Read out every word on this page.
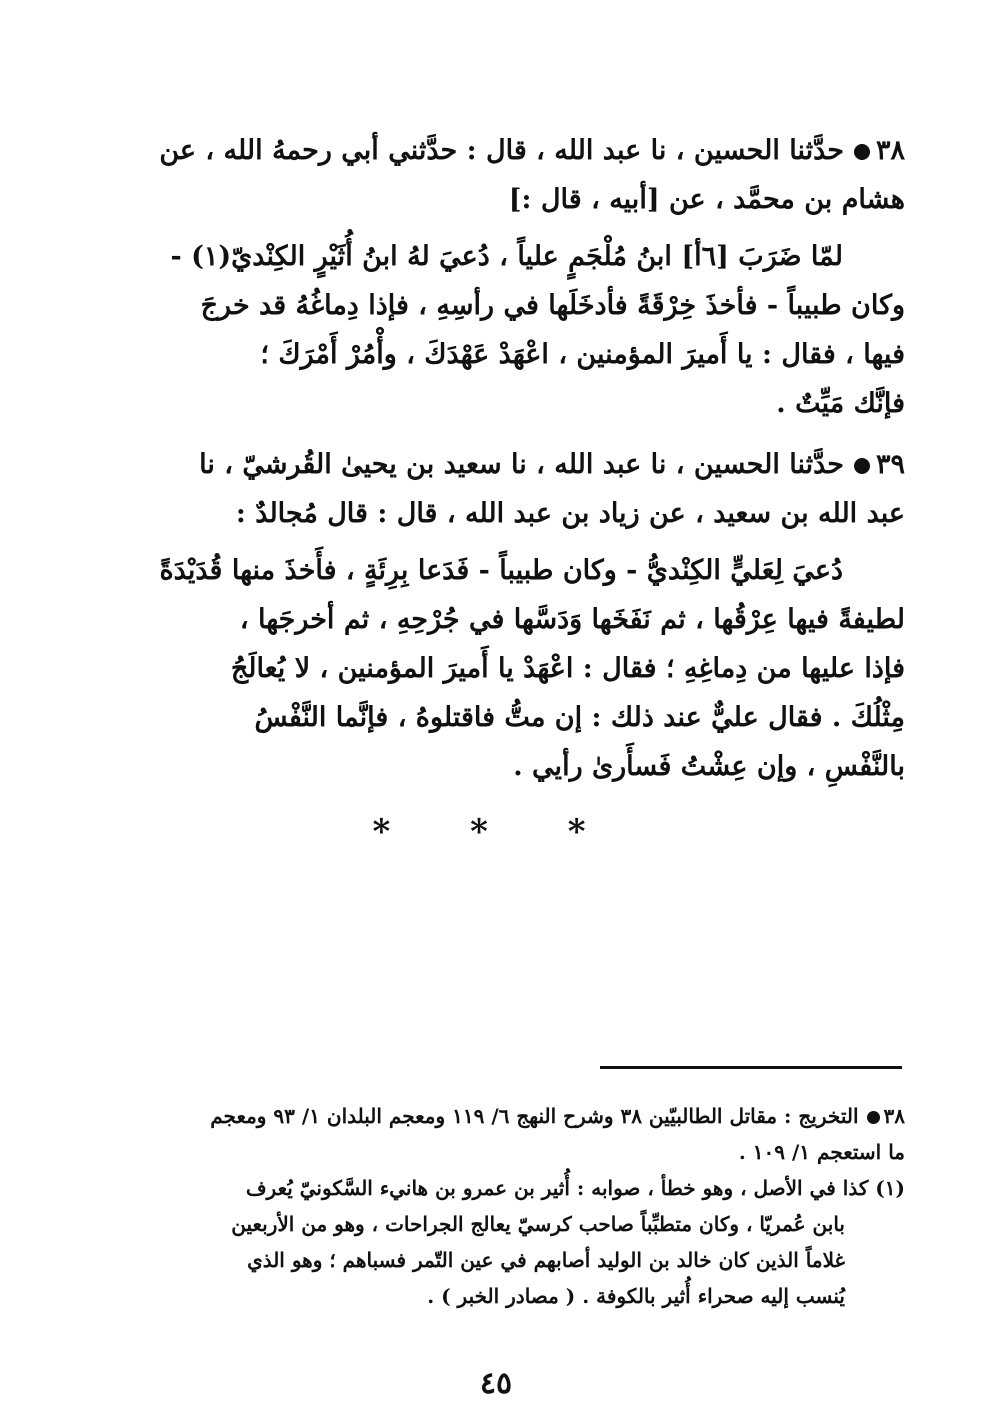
٣٨حدَّثنا الحسين ، نا عبد الله ، قال : حدَّثني أبي رحمهُ الله ، عن
هشام بن محمَّد ، عن [أبيه ، قال :]
لمّا ضَرَبَ [٦أ] ابنُ مُلْجَمٍ علياً ، دُعيَ لهُ ابنُ أُثَيْرٍ الكِنْديّ(١) -
وكان طبيباً - فأخذَ خِرْقَةً فأدخَلَها في رأسِهِ ، فإذا دِماغُهُ قد خرجَ
فيها ، فقال : يا أَميرَ المؤمنين ، اعْهَدْ عَهْدَكَ ، وأْمُرْ أَمْرَكَ ؛
فإنَّك مَيِّتٌ .
٣٩حدَّثنا الحسين ، نا عبد الله ، نا سعيد بن يحيىٰ القُرشيّ ، نا
عبد الله بن سعيد ، عن زياد بن عبد الله ، قال : قال مُجالدٌ :
دُعيَ لِعَليٍّ الكِنْديُّ - وكان طبيباً - فَدَعا بِرِئَةٍ ، فأَخذَ منها قُدَيْدَةً
لطيفةً فيها عِرْقُها ، ثم نَفَخَها وَدَسَّها في جُرْحِهِ ، ثم أخرجَها ،
فإذا عليها من دِماغِهِ ؛ فقال : اعْهَدْ يا أَميرَ المؤمنين ، لا يُعالَجُ
مِثْلُكَ . فقال عليٌّ عند ذلك : إن متُّ فاقتلوهُ ، فإنَّما النَّفْسُ
بالنَّفْسِ ، وإن عِشْتُ فَسأَرىٰ رأيي .
* * *
٣٨التخريج : مقاتل الطالبيّين ٣٨ وشرح النهج ٦/ ١١٩ ومعجم البلدان ١/ ٩٣ ومعجم
ما استعجم ١/ ١٠٩ .
(١) كذا في الأصل ، وهو خطأ ، صوابه : أُثير بن عمرو بن هانيء السَّكونيّ يُعرف
بابن عُمريّا ، وكان متطبِّباً صاحب كرسيّ يعالج الجراحات ، وهو من الأربعين
غلاماً الذين كان خالد بن الوليد أصابهم في عين التّمر فسباهم ؛ وهو الذي
يُنسب إليه صحراء أُثير بالكوفة . ( مصادر الخبر ) .
٤٥
